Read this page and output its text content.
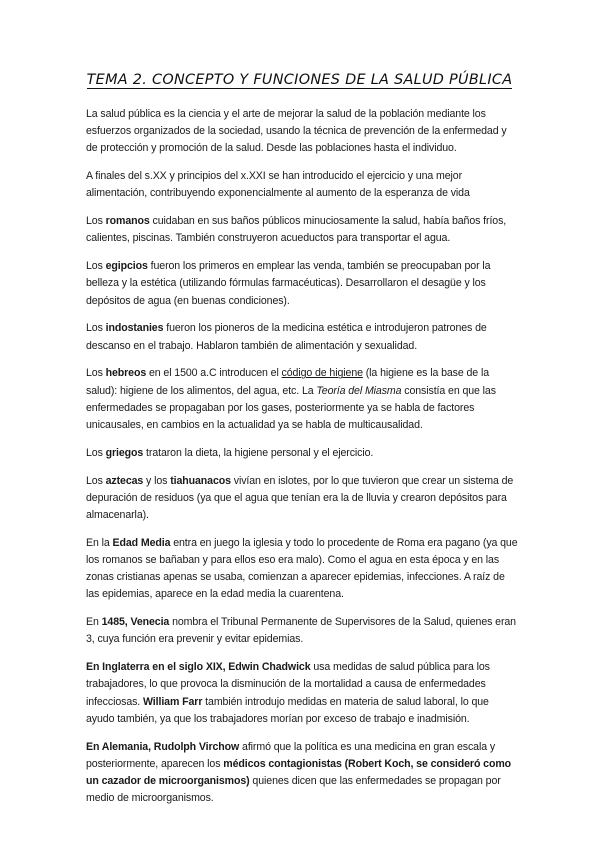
TEMA 2. CONCEPTO Y FUNCIONES DE LA SALUD PÚBLICA

La salud pública es la ciencia y el arte de mejorar la salud de la población mediante los esfuerzos organizados de la sociedad, usando la técnica de prevención de la enfermedad y de protección y promoción de la salud. Desde las poblaciones hasta el individuo.

A finales del s.XX y principios del x.XXI se han introducido el ejercicio y una mejor alimentación, contribuyendo exponencialmente al aumento de la esperanza de vida

Los romanos cuidaban en sus baños públicos minuciosamente la salud, había baños fríos, calientes, piscinas. También construyeron acueductos para transportar el agua.

Los egipcios fueron los primeros en emplear las venda, también se preocupaban por la belleza y la estética (utilizando fórmulas farmacéuticas). Desarrollaron el desagüe y los depósitos de agua (en buenas condiciones).

Los indostanies fueron los pioneros de la medicina estética e introdujeron patrones de descanso en el trabajo. Hablaron también de alimentación y sexualidad.

Los hebreos en el 1500 a.C introducen el código de higiene (la higiene es la base de la salud): higiene de los alimentos, del agua, etc. La Teoría del Miasma consistía en que las enfermedades se propagaban por los gases, posteriormente ya se habla de factores unicausales, en cambios en la actualidad ya se habla de multicausalidad.

Los griegos trataron la dieta, la higiene personal y el ejercicio.

Los aztecas y los tiahuanacos vivían en islotes, por lo que tuvieron que crear un sistema de depuración de residuos (ya que el agua que tenían era la de lluvia y crearon depósitos para almacenarla).

En la Edad Media entra en juego la iglesia y todo lo procedente de Roma era pagano (ya que los romanos se bañaban y para ellos eso era malo). Como el agua en esta época y en las zonas cristianas apenas se usaba, comienzan a aparecer epidemias, infecciones. A raíz de las epidemias, aparece en la edad media la cuarentena.

En 1485, Venecia nombra el Tribunal Permanente de Supervisores de la Salud, quienes eran 3, cuya función era prevenir y evitar epidemias.

En Inglaterra en el siglo XIX, Edwin Chadwick usa medidas de salud pública para los trabajadores, lo que provoca la disminución de la mortalidad a causa de enfermedades infecciosas. William Farr también introdujo medidas en materia de salud laboral, lo que ayudo también, ya que los trabajadores morían por exceso de trabajo e inadmisión.

En Alemania, Rudolph Virchow afirmó que la política es una medicina en gran escala y posteriormente, aparecen los médicos contagionistas (Robert Koch, se consideró como un cazador de microorganismos) quienes dicen que las enfermedades se propagan por medio de microorganismos.
